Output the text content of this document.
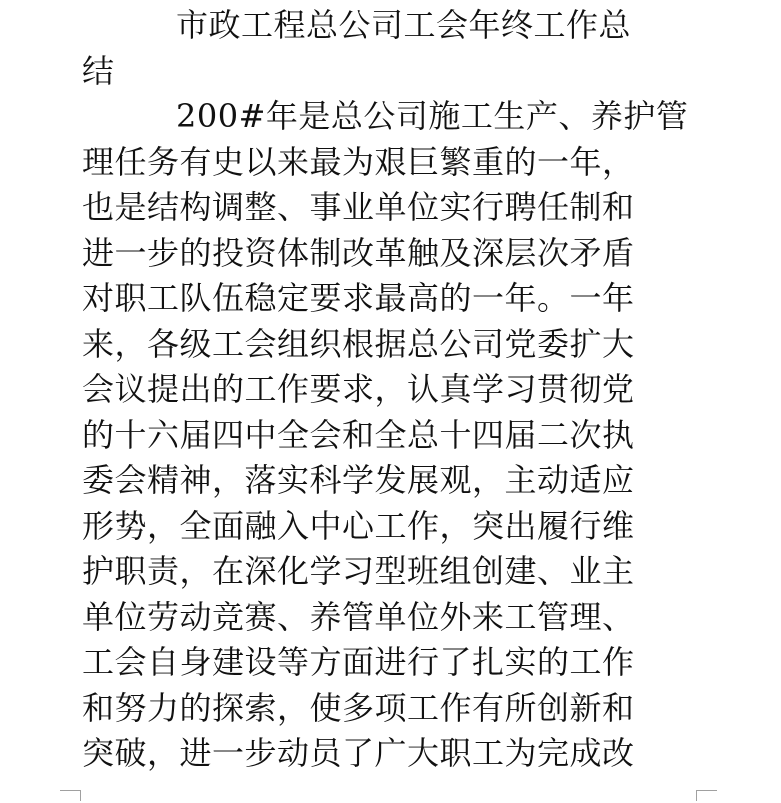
市政工程总公司工会年终工作总
结
200#年是总公司施工生产、养护管
理任务有史以来最为艰巨繁重的一年，
也是结构调整、事业单位实行聘任制和
进一步的投资体制改革触及深层次矛盾
对职工队伍稳定要求最高的一年。一年
来，各级工会组织根据总公司党委扩大
会议提出的工作要求，认真学习贯彻党
的十六届四中全会和全总十四届二次执
委会精神，落实科学发展观，主动适应
形势，全面融入中心工作，突出履行维
护职责，在深化学习型班组创建、业主
单位劳动竞赛、养管单位外来工管理、
工会自身建设等方面进行了扎实的工作
和努力的探索，使多项工作有所创新和
突破，进一步动员了广大职工为完成改
